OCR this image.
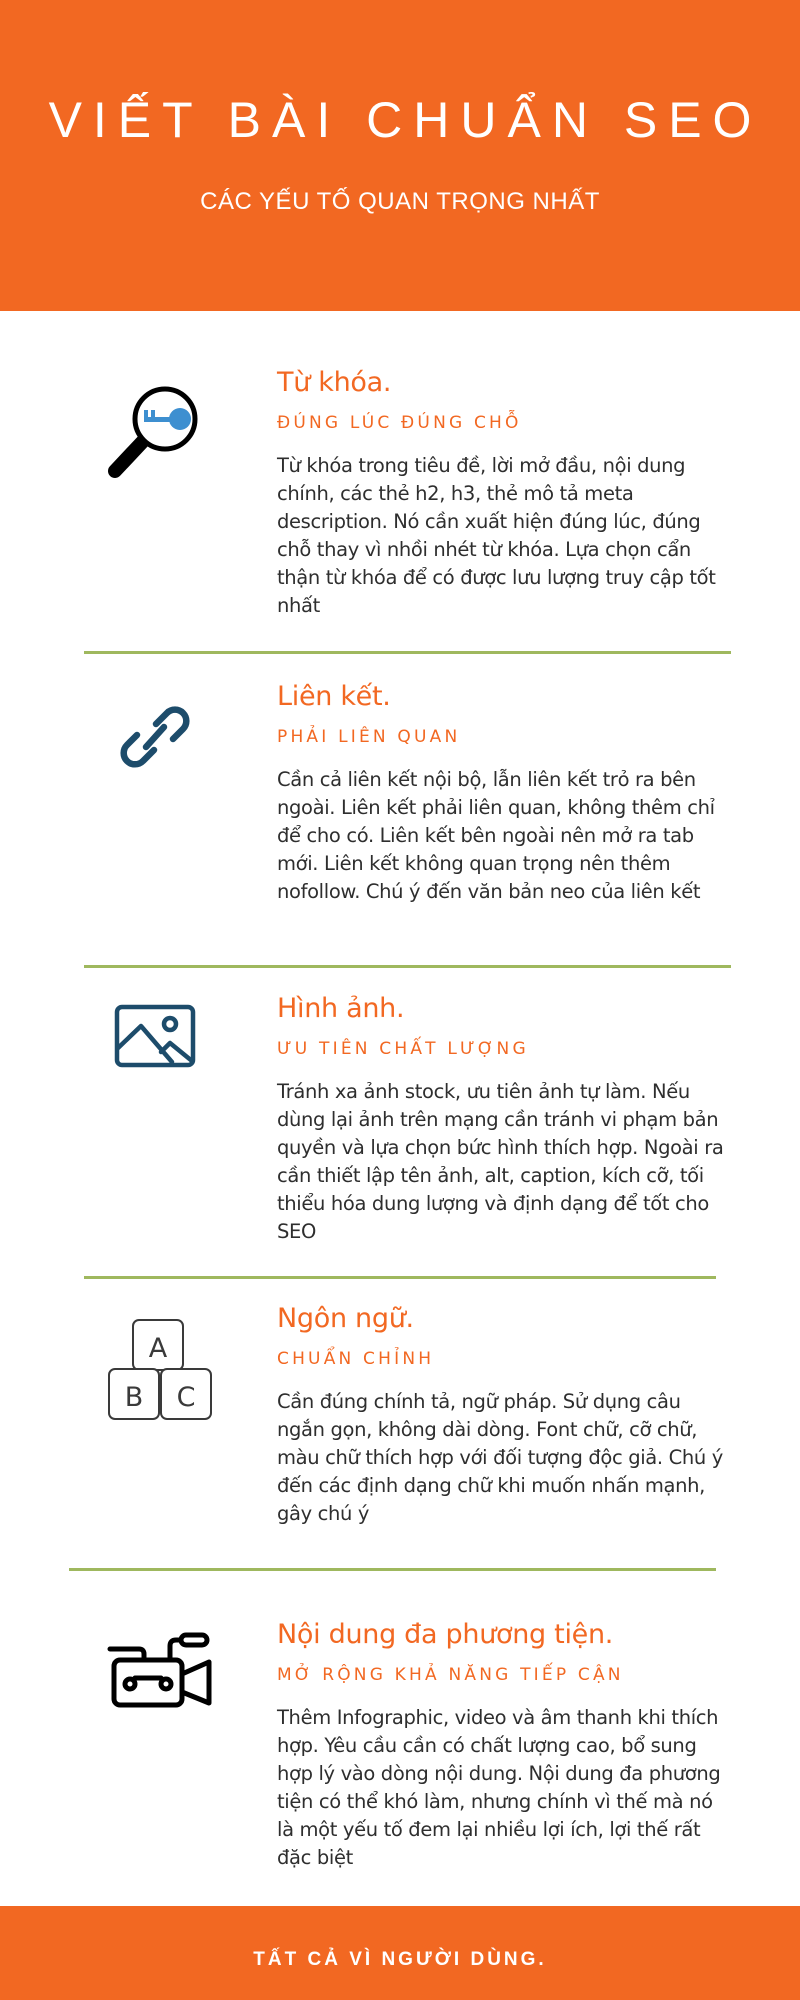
VIẾT BÀI CHUẨN SEO
CÁC YẾU TỐ QUAN TRỌNG NHẤT
Từ khóa.
ĐÚNG LÚC ĐÚNG CHỖ
Từ khóa trong tiêu đề, lời mở đầu, nội dung chính, các thẻ h2, h3, thẻ mô tả meta description. Nó cần xuất hiện đúng lúc, đúng chỗ thay vì nhồi nhét từ khóa. Lựa chọn cẩn thận từ khóa để có được lưu lượng truy cập tốt nhất
Liên kết.
PHẢI LIÊN QUAN
Cần cả liên kết nội bộ, lẫn liên kết trỏ ra bên ngoài. Liên kết phải liên quan, không thêm chỉ để cho có. Liên kết bên ngoài nên mở ra tab mới. Liên kết không quan trọng nên thêm nofollow. Chú ý đến văn bản neo của liên kết
Hình ảnh.
ƯU TIÊN CHẤT LƯỢNG
Tránh xa ảnh stock, ưu tiên ảnh tự làm. Nếu dùng lại ảnh trên mạng cần tránh vi phạm bản quyền và lựa chọn bức hình thích hợp. Ngoài ra cần thiết lập tên ảnh, alt, caption, kích cỡ, tối thiểu hóa dung lượng và định dạng để tốt cho SEO
A
B C
Ngôn ngữ.
CHUẨN CHỈNH
Cần đúng chính tả, ngữ pháp. Sử dụng câu ngắn gọn, không dài dòng. Font chữ, cỡ chữ, màu chữ thích hợp với đối tượng độc giả. Chú ý đến các định dạng chữ khi muốn nhấn mạnh, gây chú ý
Nội dung đa phương tiện.
MỞ RỘNG KHẢ NĂNG TIẾP CẬN
Thêm Infographic, video và âm thanh khi thích hợp. Yêu cầu cần có chất lượng cao, bổ sung hợp lý vào dòng nội dung. Nội dung đa phương tiện có thể khó làm, nhưng chính vì thế mà nó là một yếu tố đem lại nhiều lợi ích, lợi thế rất đặc biệt
TẤT CẢ VÌ NGƯỜI DÙNG.
